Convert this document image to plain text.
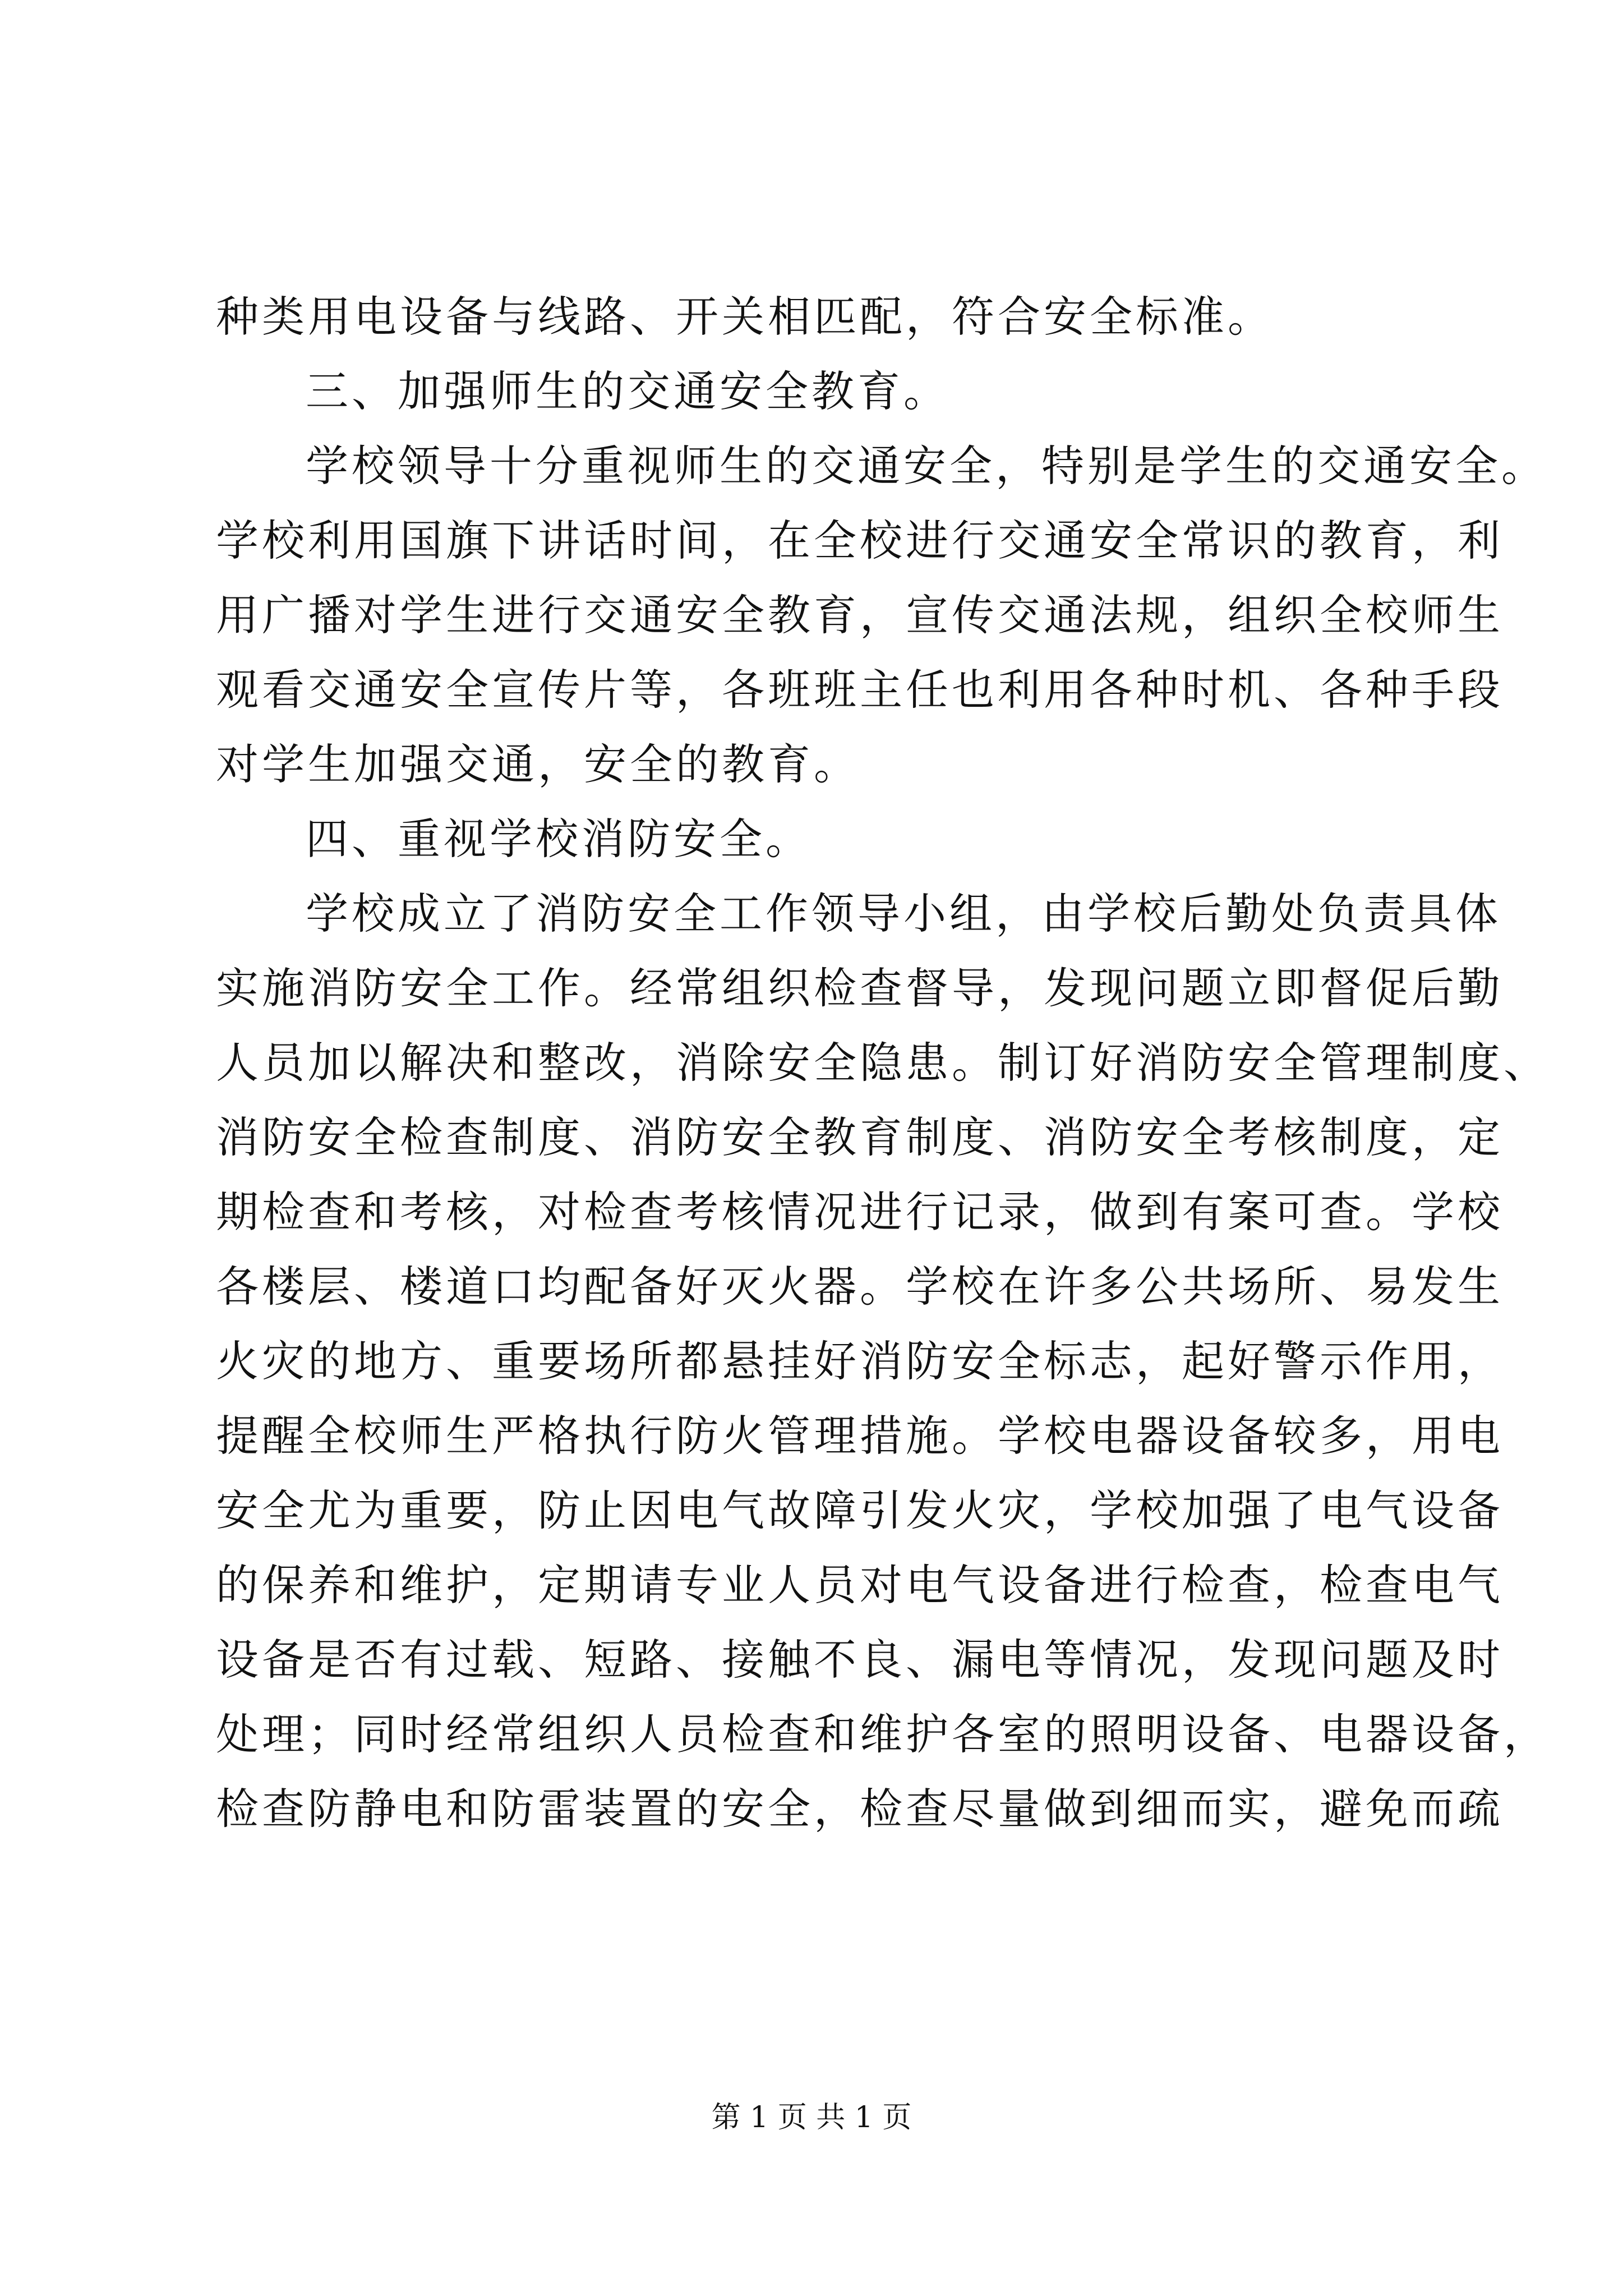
种类用电设备与线路、开关相匹配，符合安全标准。
三、加强师生的交通安全教育。
学校领导十分重视师生的交通安全，特别是学生的交通安全。
学校利用国旗下讲话时间，在全校进行交通安全常识的教育，利
用广播对学生进行交通安全教育，宣传交通法规，组织全校师生
观看交通安全宣传片等，各班班主任也利用各种时机、各种手段
对学生加强交通，安全的教育。
四、重视学校消防安全。
学校成立了消防安全工作领导小组，由学校后勤处负责具体
实施消防安全工作。经常组织检查督导，发现问题立即督促后勤
人员加以解决和整改，消除安全隐患。制订好消防安全管理制度、
消防安全检查制度、消防安全教育制度、消防安全考核制度，定
期检查和考核，对检查考核情况进行记录，做到有案可查。学校
各楼层、楼道口均配备好灭火器。学校在许多公共场所、易发生
火灾的地方、重要场所都悬挂好消防安全标志，起好警示作用，
提醒全校师生严格执行防火管理措施。学校电器设备较多，用电
安全尤为重要，防止因电气故障引发火灾，学校加强了电气设备
的保养和维护，定期请专业人员对电气设备进行检查，检查电气
设备是否有过载、短路、接触不良、漏电等情况，发现问题及时
处理；同时经常组织人员检查和维护各室的照明设备、电器设备，
检查防静电和防雷装置的安全，检查尽量做到细而实，避免而疏
第 1 页 共 1 页
